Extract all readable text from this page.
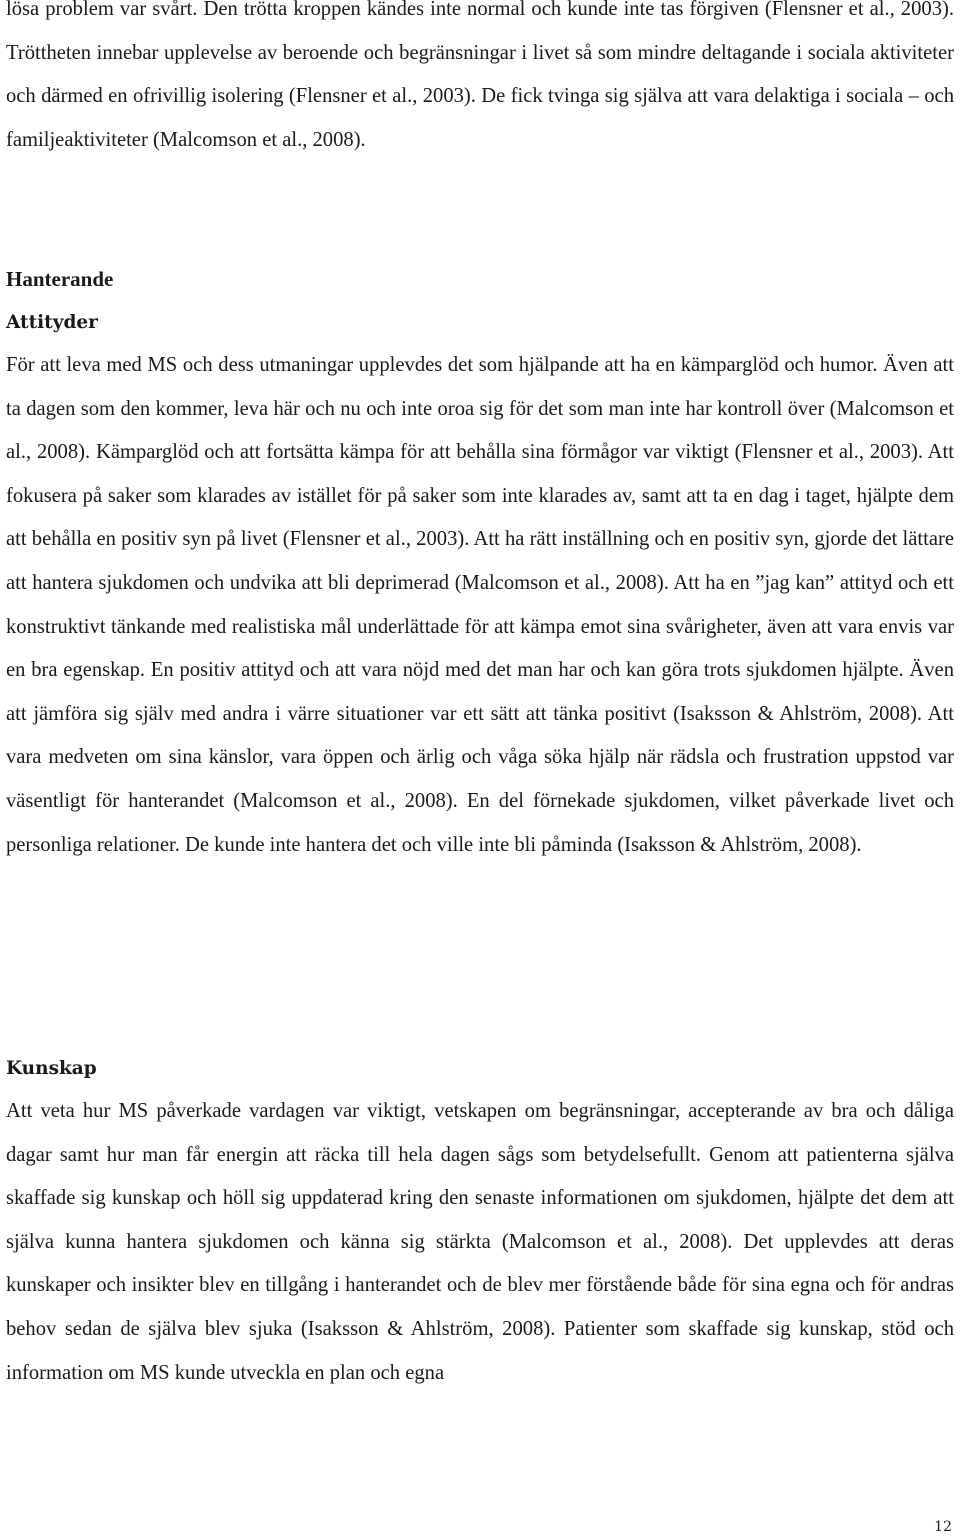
lösa problem var svårt. Den trötta kroppen kändes inte normal och kunde inte tas förgiven (Flensner et al., 2003). Tröttheten innebar upplevelse av beroende och begränsningar i livet så som mindre deltagande i sociala aktiviteter och därmed en ofrivillig isolering (Flensner et al., 2003). De fick tvinga sig själva att vara delaktiga i sociala – och familjeaktiviteter (Malcomson et al., 2008).

Hanterande
Attityder

För att leva med MS och dess utmaningar upplevdes det som hjälpande att ha en kämparglöd och humor. Även att ta dagen som den kommer, leva här och nu och inte oroa sig för det som man inte har kontroll över (Malcomson et al., 2008). Kämparglöd och att fortsätta kämpa för att behålla sina förmågor var viktigt (Flensner et al., 2003). Att fokusera på saker som klarades av istället för på saker som inte klarades av, samt att ta en dag i taget, hjälpte dem att behålla en positiv syn på livet (Flensner et al., 2003). Att ha rätt inställning och en positiv syn, gjorde det lättare att hantera sjukdomen och undvika att bli deprimerad (Malcomson et al., 2008). Att ha en ”jag kan” attityd och ett konstruktivt tänkande med realistiska mål underlättade för att kämpa emot sina svårigheter, även att vara envis var en bra egenskap. En positiv attityd och att vara nöjd med det man har och kan göra trots sjukdomen hjälpte. Även att jämföra sig själv med andra i värre situationer var ett sätt att tänka positivt (Isaksson & Ahlström, 2008). Att vara medveten om sina känslor, vara öppen och ärlig och våga söka hjälp när rädsla och frustration uppstod var väsentligt för hanterandet (Malcomson et al., 2008). En del förnekade sjukdomen, vilket påverkade livet och personliga relationer. De kunde inte hantera det och ville inte bli påminda (Isaksson & Ahlström, 2008).

Kunskap

Att veta hur MS påverkade vardagen var viktigt, vetskapen om begränsningar, accepterande av bra och dåliga dagar samt hur man får energin att räcka till hela dagen sågs som betydelsefullt. Genom att patienterna själva skaffade sig kunskap och höll sig uppdaterad kring den senaste informationen om sjukdomen, hjälpte det dem att själva kunna hantera sjukdomen och känna sig stärkta (Malcomson et al., 2008). Det upplevdes att deras kunskaper och insikter blev en tillgång i hanterandet och de blev mer förstående både för sina egna och för andras behov sedan de själva blev sjuka (Isaksson & Ahlström, 2008). Patienter som skaffade sig kunskap, stöd och information om MS kunde utveckla en plan och egna

12
